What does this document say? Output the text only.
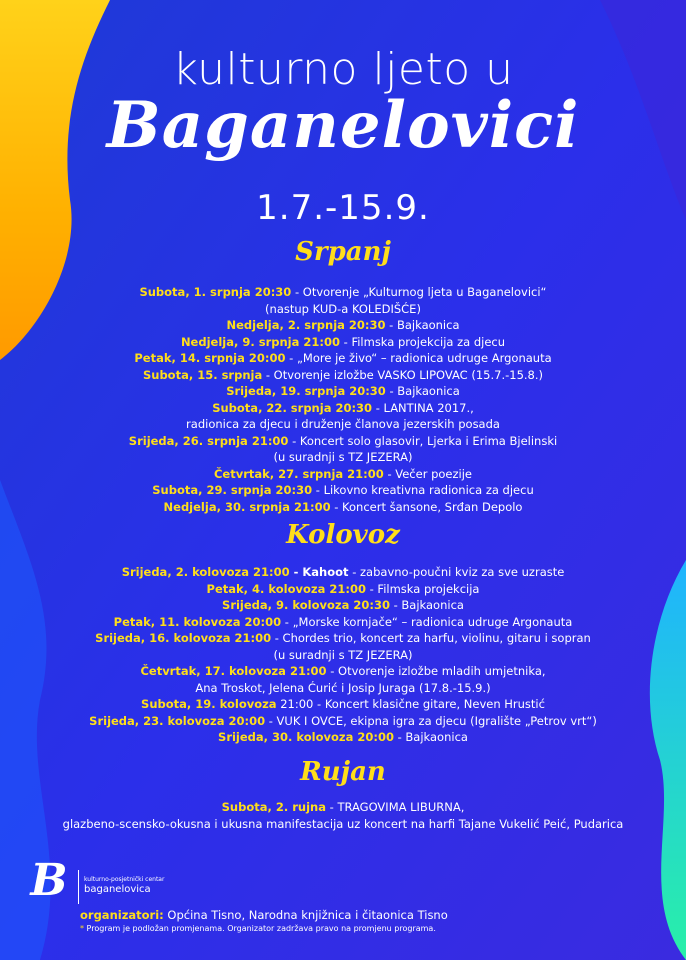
kulturno ljeto u
Baganelovici
1.7.-15.9.
Srpanj
Subota, 1. srpnja 20:30 - Otvorenje „Kulturnog ljeta u Baganelovici“
(nastup KUD-a KOLEDIŠĆE)
Nedjelja, 2. srpnja 20:30 - Bajkaonica
Nedjelja, 9. srpnja 21:00 - Filmska projekcija za djecu
Petak, 14. srpnja 20:00 - „More je živo“ – radionica udruge Argonauta
Subota, 15. srpnja - Otvorenje izložbe VASKO LIPOVAC (15.7.-15.8.)
Srijeda, 19. srpnja 20:30 - Bajkaonica
Subota, 22. srpnja 20:30 - LANTINA 2017.,
radionica za djecu i druženje članova jezerskih posada
Srijeda, 26. srpnja 21:00 - Koncert solo glasovir, Ljerka i Erima Bjelinski
(u suradnji s TZ JEZERA)
Četvrtak, 27. srpnja 21:00 - Večer poezije
Subota, 29. srpnja 20:30 - Likovno kreativna radionica za djecu
Nedjelja, 30. srpnja 21:00 - Koncert šansone, Srđan Depolo
Kolovoz
Srijeda, 2. kolovoza 21:00 - Kahoot - zabavno-poučni kviz za sve uzraste
Petak, 4. kolovoza 21:00 - Filmska projekcija
Srijeda, 9. kolovoza 20:30 - Bajkaonica
Petak, 11. kolovoza 20:00 - „Morske kornjače“ – radionica udruge Argonauta
Srijeda, 16. kolovoza 21:00 - Chordes trio, koncert za harfu, violinu, gitaru i sopran
(u suradnji s TZ JEZERA)
Četvrtak, 17. kolovoza 21:00 - Otvorenje izložbe mladih umjetnika,
Ana Troskot, Jelena Ćurić i Josip Juraga (17.8.-15.9.)
Subota, 19. kolovoza 21:00 - Koncert klasične gitare, Neven Hrustić
Srijeda, 23. kolovoza 20:00 - VUK I OVCE, ekipna igra za djecu (Igralište „Petrov vrt“)
Srijeda, 30. kolovoza 20:00 - Bajkaonica
Rujan
Subota, 2. rujna - TRAGOVIMA LIBURNA,
glazbeno-scensko-okusna i ukusna manifestacija uz koncert na harfi Tajane Vukelić Peić, Pudarica
B	kulturno-posjetnički centar
baganelovica
organizatori: Općina Tisno, Narodna knjižnica i čitaonica Tisno
* Program je podložan promjenama. Organizator zadržava pravo na promjenu programa.
